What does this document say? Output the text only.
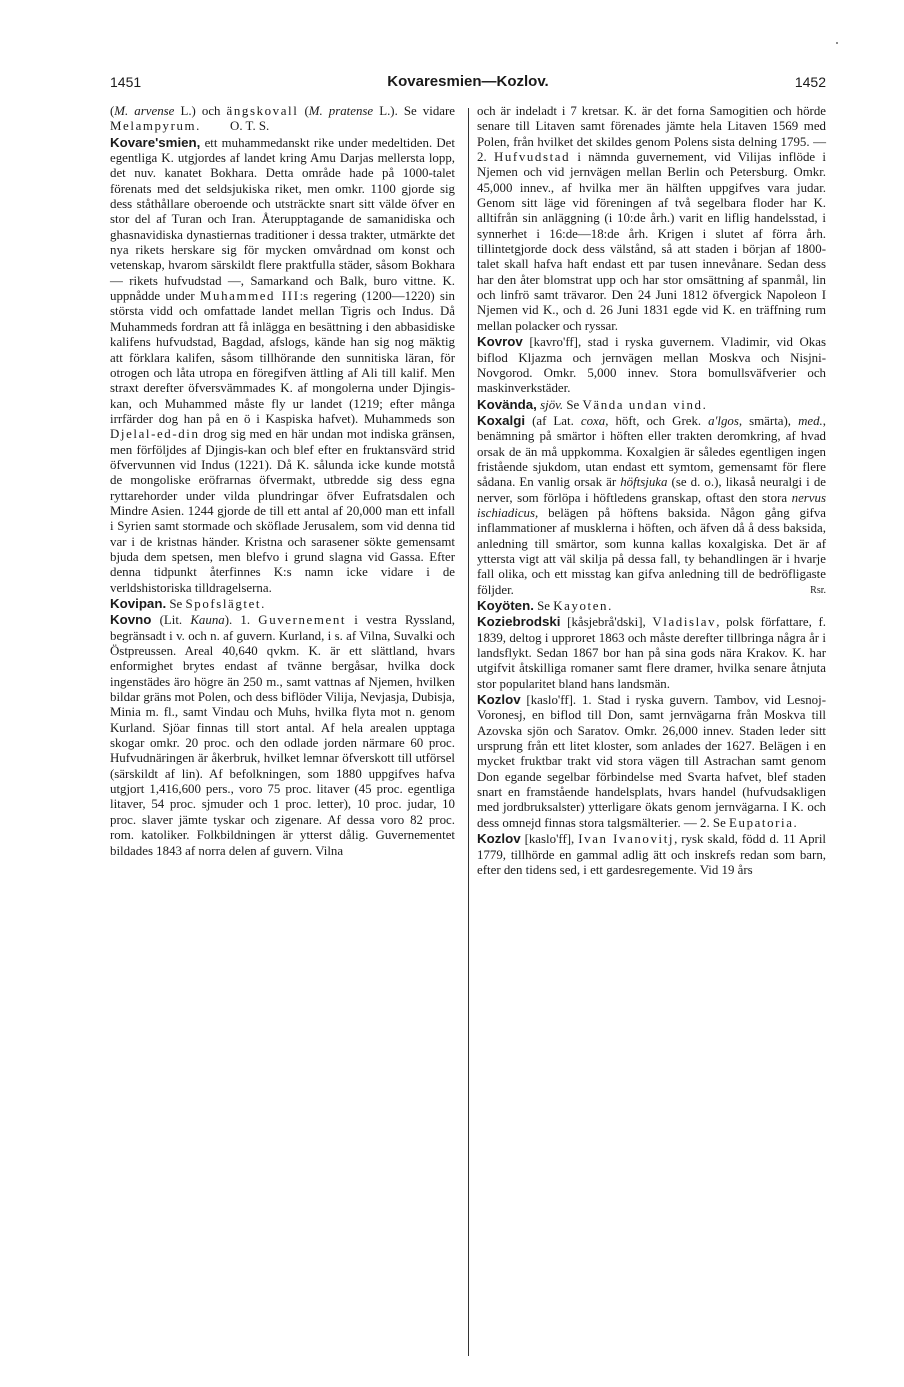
1451	Kovaresmien—Kozlov.	1452

(M. arvense L.) och ängskovall (M. pratense L.). Se vidare Melampyrum.         O. T. S.

Kovare'smien, ett muhammedanskt rike under medeltiden. Det egentliga K. utgjordes af landet kring Amu Darjas mellersta lopp, det nuv. kanatet Bokhara. Detta område hade på 1000-talet förenats med det seldsjukiska riket, men omkr. 1100 gjorde sig dess ståthållare oberoende och utsträckte snart sitt välde öfver en stor del af Turan och Iran. Återupptagande de samanidiska och ghasnavidiska dynastiernas traditioner i dessa trakter, utmärkte det nya rikets herskare sig för mycken omvårdnad om konst och vetenskap, hvarom särskildt flere praktfulla städer, såsom Bokhara — rikets hufvudstad —, Samarkand och Balk, buro vittne. K. uppnådde under Muhammed III:s regering (1200—1220) sin största vidd och omfattade landet mellan Tigris och Indus. Då Muhammeds fordran att få inlägga en besättning i den abbasidiske kalifens hufvudstad, Bagdad, afslogs, kände han sig nog mäktig att förklara kalifen, såsom tillhörande den sunnitiska läran, för otrogen och låta utropa en föregifven ättling af Ali till kalif. Men straxt derefter öfversvämmades K. af mongolerna under Djingis-kan, och Muhammed måste fly ur landet (1219; efter många irrfärder dog han på en ö i Kaspiska hafvet). Muhammeds son Djelal-ed-din drog sig med en här undan mot indiska gränsen, men förföljdes af Djingis-kan och blef efter en fruktansvärd strid öfvervunnen vid Indus (1221). Då K. sålunda icke kunde motstå de mongoliske eröfrarnas öfvermakt, utbredde sig dess egna ryttarehorder under vilda plundringar öfver Eufratsdalen och Mindre Asien. 1244 gjorde de till ett antal af 20,000 man ett infall i Syrien samt stormade och sköflade Jerusalem, som vid denna tid var i de kristnas händer. Kristna och sarasener sökte gemensamt bjuda dem spetsen, men blefvo i grund slagna vid Gassa. Efter denna tidpunkt återfinnes K:s namn icke vidare i de verldshistoriska tilldragelserna.

Kovipan. Se Spofslägtet.

Kovno (Lit. Kauna). 1. Guvernement i vestra Ryssland, begränsadt i v. och n. af guvern. Kurland, i s. af Vilna, Suvalki och Östpreussen. Areal 40,640 qvkm. K. är ett slättland, hvars enformighet brytes endast af tvänne bergåsar, hvilka dock ingenstädes äro högre än 250 m., samt vattnas af Njemen, hvilken bildar gräns mot Polen, och dess biflöder Vilija, Nevjasja, Dubisja, Minia m. fl., samt Vindau och Muhs, hvilka flyta mot n. genom Kurland. Sjöar finnas till stort antal. Af hela arealen upptaga skogar omkr. 20 proc. och den odlade jorden närmare 60 proc. Hufvudnäringen är åkerbruk, hvilket lemnar öfverskott till utförsel (särskildt af lin). Af befolkningen, som 1880 uppgifves hafva utgjort 1,416,600 pers., voro 75 proc. litaver (45 proc. egentliga litaver, 54 proc. sjmuder och 1 proc. letter), 10 proc. judar, 10 proc. slaver jämte tyskar och zigenare. Af dessa voro 82 proc. rom. katoliker. Folkbildningen är ytterst dålig. Guvernementet bildades 1843 af norra delen af guvern. Vilna

och är indeladt i 7 kretsar. K. är det forna Samogitien och hörde senare till Litaven samt förenades jämte hela Litaven 1569 med Polen, från hvilket det skildes genom Polens sista delning 1795. — 2. Hufvudstad i nämnda guvernement, vid Vilijas inflöde i Njemen och vid jernvägen mellan Berlin och Petersburg. Omkr. 45,000 innev., af hvilka mer än hälften uppgifves vara judar. Genom sitt läge vid föreningen af två segelbara floder har K. alltifrån sin anläggning (i 10:de årh.) varit en liflig handelsstad, i synnerhet i 16:de—18:de årh. Krigen i slutet af förra årh. tillintetgjorde dock dess välstånd, så att staden i början af 1800-talet skall hafva haft endast ett par tusen innevånare. Sedan dess har den åter blomstrat upp och har stor omsättning af spanmål, lin och linfrö samt trävaror. Den 24 Juni 1812 öfvergick Napoleon I Njemen vid K., och d. 26 Juni 1831 egde vid K. en träffning rum mellan polacker och ryssar.

Kovrov [kavro'ff], stad i ryska guvernem. Vladimir, vid Okas biflod Kljazma och jernvägen mellan Moskva och Nisjni-Novgorod. Omkr. 5,000 innev. Stora bomullsväfverier och maskinverkstäder.

Kovända, sjöv. Se Vända undan vind.

Koxalgi (af Lat. coxa, höft, och Grek. a'lgos, smärta), med., benämning på smärtor i höften eller trakten deromkring, af hvad orsak de än må uppkomma. Koxalgien är således egentligen ingen fristående sjukdom, utan endast ett symtom, gemensamt för flere sådana. En vanlig orsak är höftsjuka (se d. o.), likaså neuralgi i de nerver, som förlöpa i höftledens granskap, oftast den stora nervus ischiadicus, belägen på höftens baksida. Någon gång gifva inflammationer af musklerna i höften, och äfven då å dess baksida, anledning till smärtor, som kunna kallas koxalgiska. Det är af yttersta vigt att väl skilja på dessa fall, ty behandlingen är i hvarje fall olika, och ett misstag kan gifva anledning till de bedröfligaste följder.	Rsr.

Koyöten. Se Kayoten.

Koziebrodski [kåsjebrå'dski], Vladislav, polsk författare, f. 1839, deltog i upproret 1863 och måste derefter tillbringa några år i landsflykt. Sedan 1867 bor han på sina gods nära Krakov. K. har utgifvit åtskilliga romaner samt flere dramer, hvilka senare åtnjuta stor popularitet bland hans landsmän.

Kozlov [kaslo'ff]. 1. Stad i ryska guvern. Tambov, vid Lesnoj-Voronesj, en biflod till Don, samt jernvägarna från Moskva till Azovska sjön och Saratov. Omkr. 26,000 innev. Staden leder sitt ursprung från ett litet kloster, som anlades der 1627. Belägen i en mycket fruktbar trakt vid stora vägen till Astrachan samt genom Don egande segelbar förbindelse med Svarta hafvet, blef staden snart en framstående handelsplats, hvars handel (hufvudsakligen med jordbruksalster) ytterligare ökats genom jernvägarna. I K. och dess omnejd finnas stora talgsmälterier. — 2. Se Eupatoria.

Kozlov [kaslo'ff], Ivan Ivanovitj, rysk skald, född d. 11 April 1779, tillhörde en gammal adlig ätt och inskrefs redan som barn, efter den tidens sed, i ett gardesregemente. Vid 19 års
